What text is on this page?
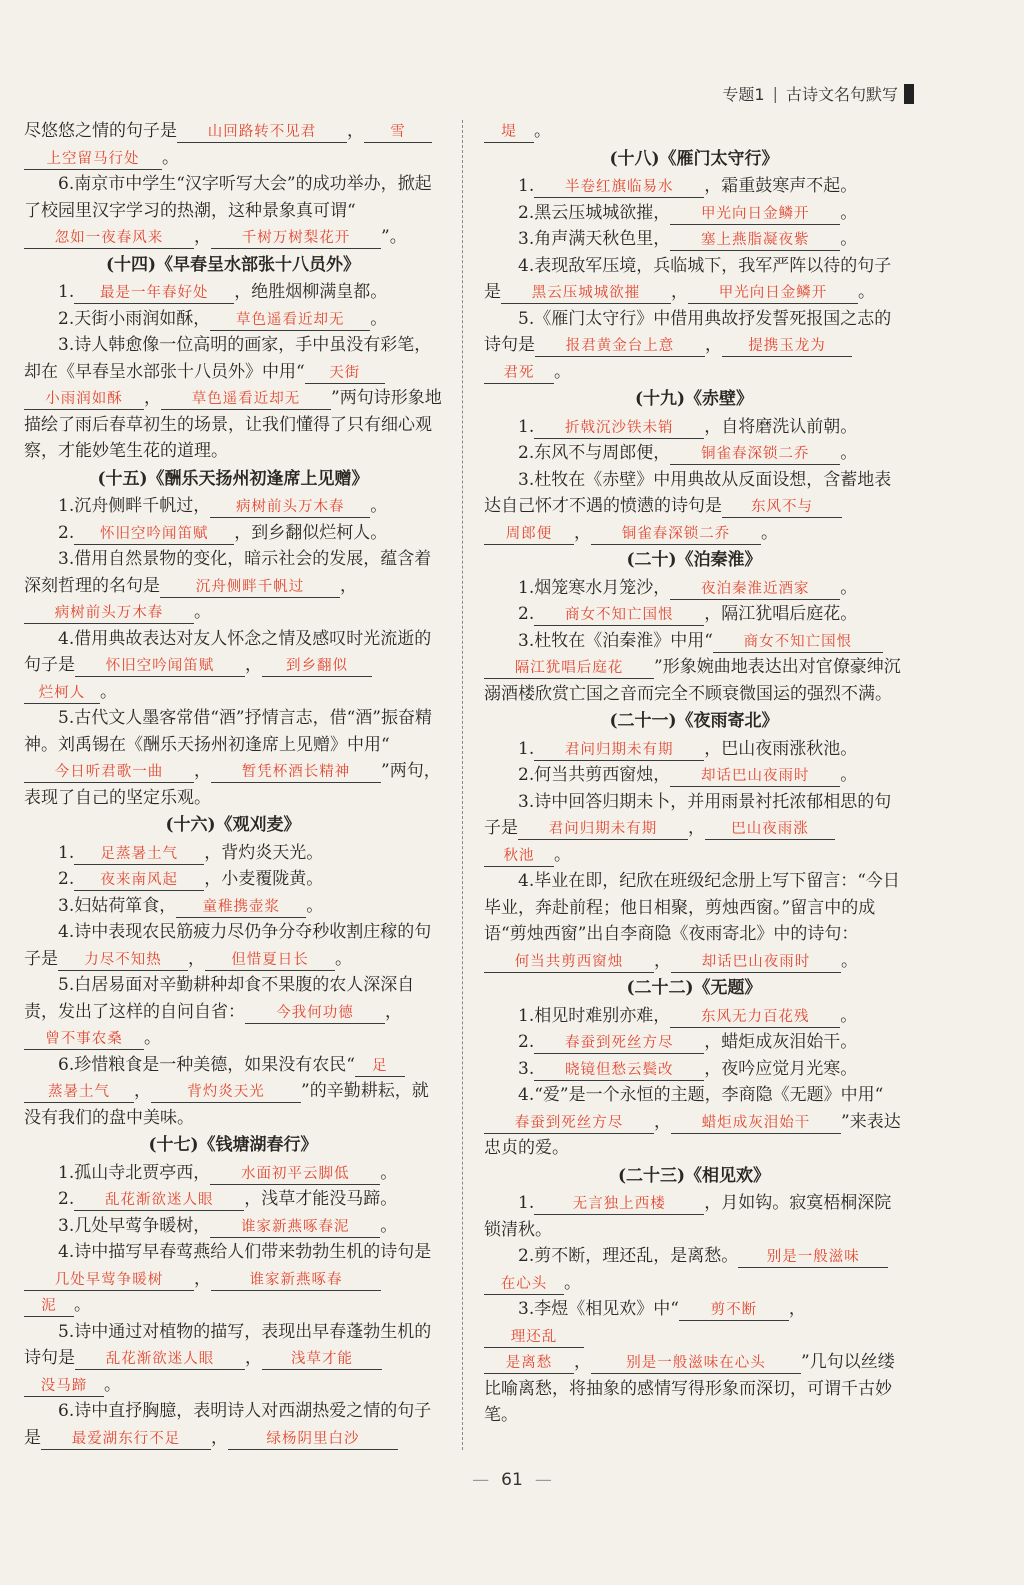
专题1 | 古诗文名句默写

尽悠悠之情的句子是 山回路转不见君 ， 雪

上空留马行处 。

6.南京市中学生“汉字听写大会”的成功举办，掀起了校园里汉字学习的热潮，这种景象真可谓“忽如一夜春风来 ， 千树万树梨花开 ”。

(十四)《早春呈水部张十八员外》

1. 最是一年春好处 ，绝胜烟柳满皇都。

2.天街小雨润如酥， 草色遥看近却无 。

3.诗人韩愈像一位高明的画家，手中虽没有彩笔，却在《早春呈水部张十八员外》中用“ 天街

小雨润如酥 ， 草色遥看近却无 ”两句诗形象地描绘了雨后春草初生的场景，让我们懂得了只有细心观察，才能妙笔生花的道理。

(十五)《酬乐天扬州初逢席上见赠》

1.沉舟侧畔千帆过， 病树前头万木春 。

2. 怀旧空吟闻笛赋 ，到乡翻似烂柯人。

3.借用自然景物的变化，暗示社会的发展，蕴含着深刻哲理的名句是 沉舟侧畔千帆过 ，

病树前头万木春 。

4.借用典故表达对友人怀念之情及感叹时光流逝的句子是 怀旧空吟闻笛赋 ， 到乡翻似

烂柯人 。

5.古代文人墨客常借“酒”抒情言志，借“酒”振奋精神。刘禹锡在《酬乐天扬州初逢席上见赠》中用“今日听君歌一曲 ， 暂凭杯酒长精神 ”两句，表现了自己的坚定乐观。

(十六)《观刈麦》

1. 足蒸暑土气 ，背灼炎天光。

2. 夜来南风起 ，小麦覆陇黄。

3.妇姑荷箪食， 童稚携壶浆 。

4.诗中表现农民筋疲力尽仍争分夺秒收割庄稼的句子是 力尽不知热 ， 但惜夏日长 。

5.白居易面对辛勤耕种却食不果腹的农人深深自责，发出了这样的自问自省： 今我何功德 ，

曾不事农桑 。

6.珍惜粮食是一种美德，如果没有农民“ 足

蒸暑土气 ，	背灼炎天光 ”的辛勤耕耘，就没有我们的盘中美味。

(十七)《钱塘湖春行》

1.孤山寺北贾亭西， 水面初平云脚低 。

2. 乱花渐欲迷人眼 ，浅草才能没马蹄。

3.几处早莺争暖树， 谁家新燕啄春泥 。

4.诗中描写早春莺燕给人们带来勃勃生机的诗句是几处早莺争暖树 ，	谁家新燕啄春

泥 。

5.诗中通过对植物的描写，表现出早春蓬勃生机的诗句是 乱花渐欲迷人眼 ， 浅草才能

没马蹄 。

6.诗中直抒胸臆，表明诗人对西湖热爱之情的句子是 最爱湖东行不足 ，	绿杨阴里白沙

堤 。

(十八)《雁门太守行》

1. 半卷红旗临易水 ，霜重鼓寒声不起。

2.黑云压城城欲摧， 甲光向日金鳞开 。

3.角声满天秋色里， 塞上燕脂凝夜紫 。

4.表现敌军压境，兵临城下，我军严阵以待的句子是 黑云压城城欲摧 ， 甲光向日金鳞开 。

5.《雁门太守行》中借用典故抒发誓死报国之志的诗句是 报君黄金台上意 ， 提携玉龙为

君死 。

(十九)《赤壁》

1. 折戟沉沙铁未销 ，自将磨洗认前朝。

2.东风不与周郎便， 铜雀春深锁二乔 。

3.杜牧在《赤壁》中用典故从反面设想，含蓄地表达自己怀才不遇的愤懑的诗句是 东风不与

周郎便 ， 铜雀春深锁二乔 。

(二十)《泊秦淮》

1.烟笼寒水月笼沙， 夜泊秦淮近酒家 。

2. 商女不知亡国恨 ，隔江犹唱后庭花。

3.杜牧在《泊秦淮》中用“ 商女不知亡国恨

隔江犹唱后庭花 ”形象婉曲地表达出对官僚豪绅沉溺酒楼欣赏亡国之音而完全不顾衰微国运的强烈不满。

(二十一)《夜雨寄北》

1. 君问归期未有期 ，巴山夜雨涨秋池。

2.何当共剪西窗烛， 却话巴山夜雨时 。

3.诗中回答归期未卜，并用雨景衬托浓郁相思的句子是 君问归期未有期 ， 巴山夜雨涨

秋池 。

4.毕业在即，纪欣在班级纪念册上写下留言：“今日毕业，奔赴前程；他日相聚，剪烛西窗。”留言中的成语“剪烛西窗”出自李商隐《夜雨寄北》中的诗句：何当共剪西窗烛 ， 却话巴山夜雨时 。

(二十二)《无题》

1.相见时难别亦难， 东风无力百花残 。

2. 春蚕到死丝方尽 ，蜡炬成灰泪始干。

3. 晓镜但愁云鬓改 ，夜吟应觉月光寒。

4.“爱”是一个永恒的主题，李商隐《无题》中用“春蚕到死丝方尽 ， 蜡炬成灰泪始干 ”来表达忠贞的爱。

(二十三)《相见欢》

1.	无言独上西楼 ，月如钩。寂寞梧桐深院锁清秋。

2.剪不断，理还乱，是离愁。 别是一般滋味

在心头 。

3.李煜《相见欢》中“ 剪不断 ，理还乱

是离愁 ， 别是一般滋味在心头 ”几句以丝缕比喻离愁，将抽象的感情写得形象而深切，可谓千古妙笔。

— 61 —
